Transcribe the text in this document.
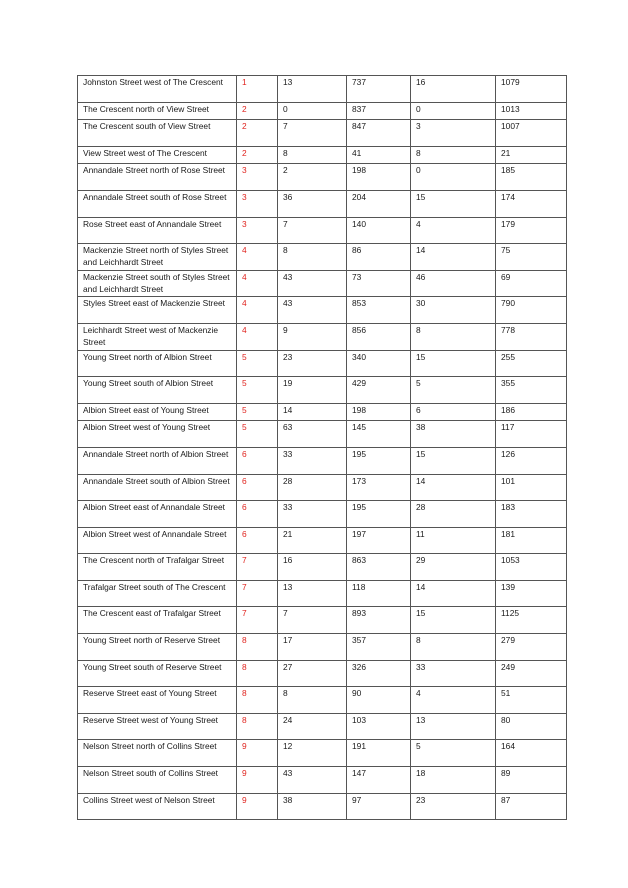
Johnston Street west of The Crescent	1	13	737	16	1079
The Crescent north of View Street	2	0	837	0	1013
The Crescent south of View Street	2	7	847	3	1007
View Street west of The Crescent	2	8	41	8	21
Annandale Street north of Rose Street	3	2	198	0	185
Annandale Street south of Rose Street	3	36	204	15	174
Rose Street east of Annandale Street	3	7	140	4	179
Mackenzie Street north of Styles Street and Leichhardt Street	4	8	86	14	75
Mackenzie Street south of Styles Street and Leichhardt Street	4	43	73	46	69
Styles Street east of Mackenzie Street	4	43	853	30	790
Leichhardt Street west of Mackenzie Street	4	9	856	8	778
Young Street north of Albion Street	5	23	340	15	255
Young Street south of Albion Street	5	19	429	5	355
Albion Street east of Young Street	5	14	198	6	186
Albion Street west of Young Street	5	63	145	38	117
Annandale Street north of Albion Street	6	33	195	15	126
Annandale Street south of Albion Street	6	28	173	14	101
Albion Street east of Annandale Street	6	33	195	28	183
Albion Street west of Annandale Street	6	21	197	11	181
The Crescent north of Trafalgar Street	7	16	863	29	1053
Trafalgar Street south of The Crescent	7	13	118	14	139
The Crescent east of Trafalgar Street	7	7	893	15	1125
Young Street north of Reserve Street	8	17	357	8	279
Young Street south of Reserve Street	8	27	326	33	249
Reserve Street east of Young Street	8	8	90	4	51
Reserve Street west of Young Street	8	24	103	13	80
Nelson Street north of Collins Street	9	12	191	5	164
Nelson Street south of Collins Street	9	43	147	18	89
Collins Street west of Nelson Street	9	38	97	23	87
